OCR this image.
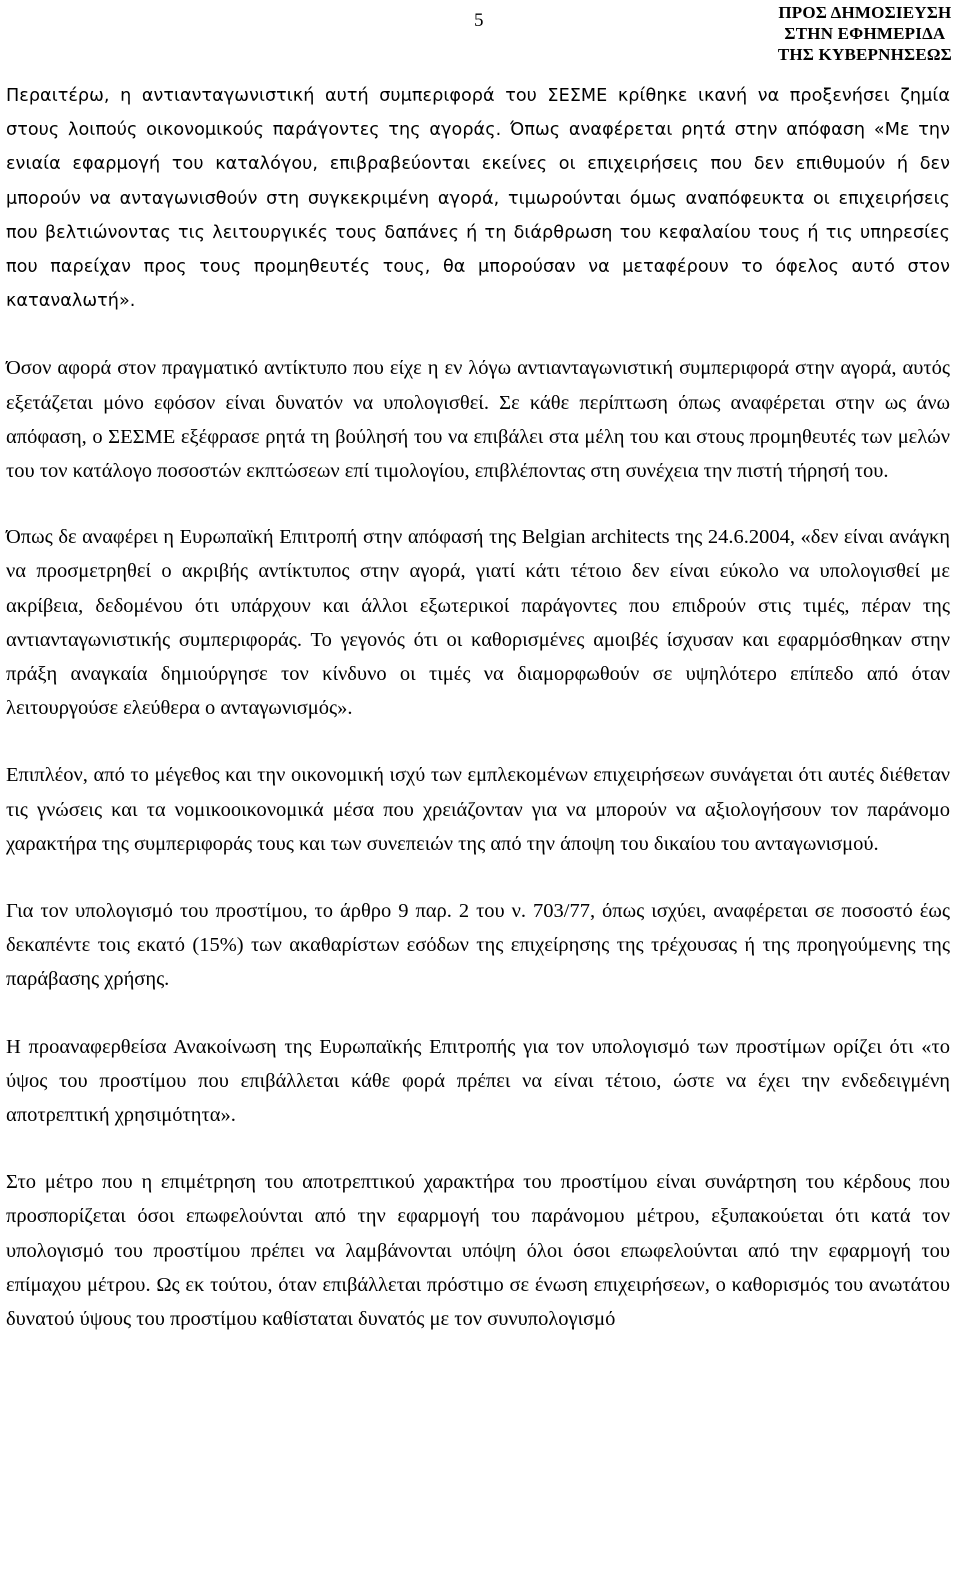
5	ΠΡΟΣ ΔΗΜΟΣΙΕΥΣΗ
ΣΤΗΝ ΕΦΗΜΕΡΙΔΑ
ΤΗΣ ΚΥΒΕΡΝΗΣΕΩΣ

Περαιτέρω, η αντιανταγωνιστική αυτή συμπεριφορά του ΣΕΣΜΕ κρίθηκε ικανή να προξενήσει ζημία στους λοιπούς οικονομικούς παράγοντες της αγοράς. Όπως αναφέρεται ρητά στην απόφαση «Με την ενιαία εφαρμογή του καταλόγου, επιβραβεύονται εκείνες οι επιχειρήσεις που δεν επιθυμούν ή δεν μπορούν να ανταγωνισθούν στη συγκεκριμένη αγορά, τιμωρούνται όμως αναπόφευκτα οι επιχειρήσεις που βελτιώνοντας τις λειτουργικές τους δαπάνες ή τη διάρθρωση του κεφαλαίου τους ή τις υπηρεσίες που παρείχαν προς τους προμηθευτές τους, θα μπορούσαν να μεταφέρουν το όφελος αυτό στον καταναλωτή».

Όσον αφορά στον πραγματικό αντίκτυπο που είχε η εν λόγω αντιανταγωνιστική συμπεριφορά στην αγορά, αυτός εξετάζεται μόνο εφόσον είναι δυνατόν να υπολογισθεί. Σε κάθε περίπτωση όπως αναφέρεται στην ως άνω απόφαση, ο ΣΕΣΜΕ εξέφρασε ρητά τη βούλησή του να επιβάλει στα μέλη του και στους προμηθευτές των μελών του τον κατάλογο ποσοστών εκπτώσεων επί τιμολογίου, επιβλέποντας στη συνέχεια την πιστή τήρησή του.

Όπως δε αναφέρει η Ευρωπαϊκή Επιτροπή στην απόφασή της Belgian architects της 24.6.2004, «δεν είναι ανάγκη να προσμετρηθεί ο ακριβής αντίκτυπος στην αγορά, γιατί κάτι τέτοιο δεν είναι εύκολο να υπολογισθεί με ακρίβεια, δεδομένου ότι υπάρχουν και άλλοι εξωτερικοί παράγοντες που επιδρούν στις τιμές, πέραν της αντιανταγωνιστικής συμπεριφοράς. Το γεγονός ότι οι καθορισμένες αμοιβές ίσχυσαν και εφαρμόσθηκαν στην πράξη αναγκαία δημιούργησε τον κίνδυνο οι τιμές να διαμορφωθούν σε υψηλότερο επίπεδο από όταν λειτουργούσε ελεύθερα ο ανταγωνισμός».

Επιπλέον, από το μέγεθος και την οικονομική ισχύ των εμπλεκομένων επιχειρήσεων συνάγεται ότι αυτές διέθεταν τις γνώσεις και τα νομικοοικονομικά μέσα που χρειάζονταν για να μπορούν να αξιολογήσουν τον παράνομο χαρακτήρα της συμπεριφοράς τους και των συνεπειών της από την άποψη του δικαίου του ανταγωνισμού.

Για τον υπολογισμό του προστίμου, το άρθρο 9 παρ. 2 του ν. 703/77, όπως ισχύει, αναφέρεται σε ποσοστό έως δεκαπέντε τοις εκατό (15%) των ακαθαρίστων εσόδων της επιχείρησης της τρέχουσας ή της προηγούμενης της παράβασης χρήσης.

Η προαναφερθείσα Ανακοίνωση της Ευρωπαϊκής Επιτροπής για τον υπολογισμό των προστίμων ορίζει ότι «το ύψος του προστίμου που επιβάλλεται κάθε φορά πρέπει να είναι τέτοιο, ώστε να έχει την ενδεδειγμένη αποτρεπτική χρησιμότητα».

Στο μέτρο που η επιμέτρηση του αποτρεπτικού χαρακτήρα του προστίμου είναι συνάρτηση του κέρδους που προσπορίζεται όσοι επωφελούνται από την εφαρμογή του παράνομου μέτρου, εξυπακούεται ότι κατά τον υπολογισμό του προστίμου πρέπει να λαμβάνονται υπόψη όλοι όσοι επωφελούνται από την εφαρμογή του επίμαχου μέτρου. Ως εκ τούτου, όταν επιβάλλεται πρόστιμο σε ένωση επιχειρήσεων, ο καθορισμός του ανωτάτου δυνατού ύψους του προστίμου καθίσταται δυνατός με τον συνυπολογισμό
